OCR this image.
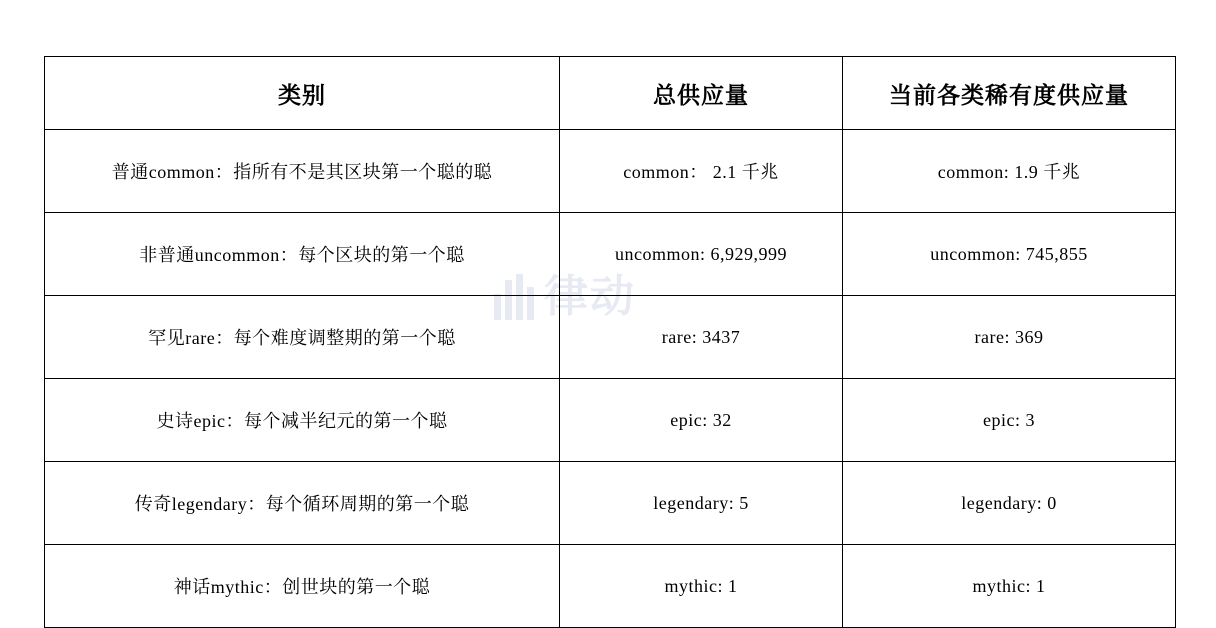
律动
类别	总供应量	当前各类稀有度供应量
普通common：指所有不是其区块第一个聪的聪	common： 2.1 千兆	common: 1.9 千兆
非普通uncommon：每个区块的第一个聪	uncommon: 6,929,999	uncommon: 745,855
罕见rare：每个难度调整期的第一个聪	rare: 3437	rare: 369
史诗epic：每个减半纪元的第一个聪	epic: 32	epic: 3
传奇legendary：每个循环周期的第一个聪	legendary: 5	legendary: 0
神话mythic：创世块的第一个聪	mythic: 1	mythic: 1
